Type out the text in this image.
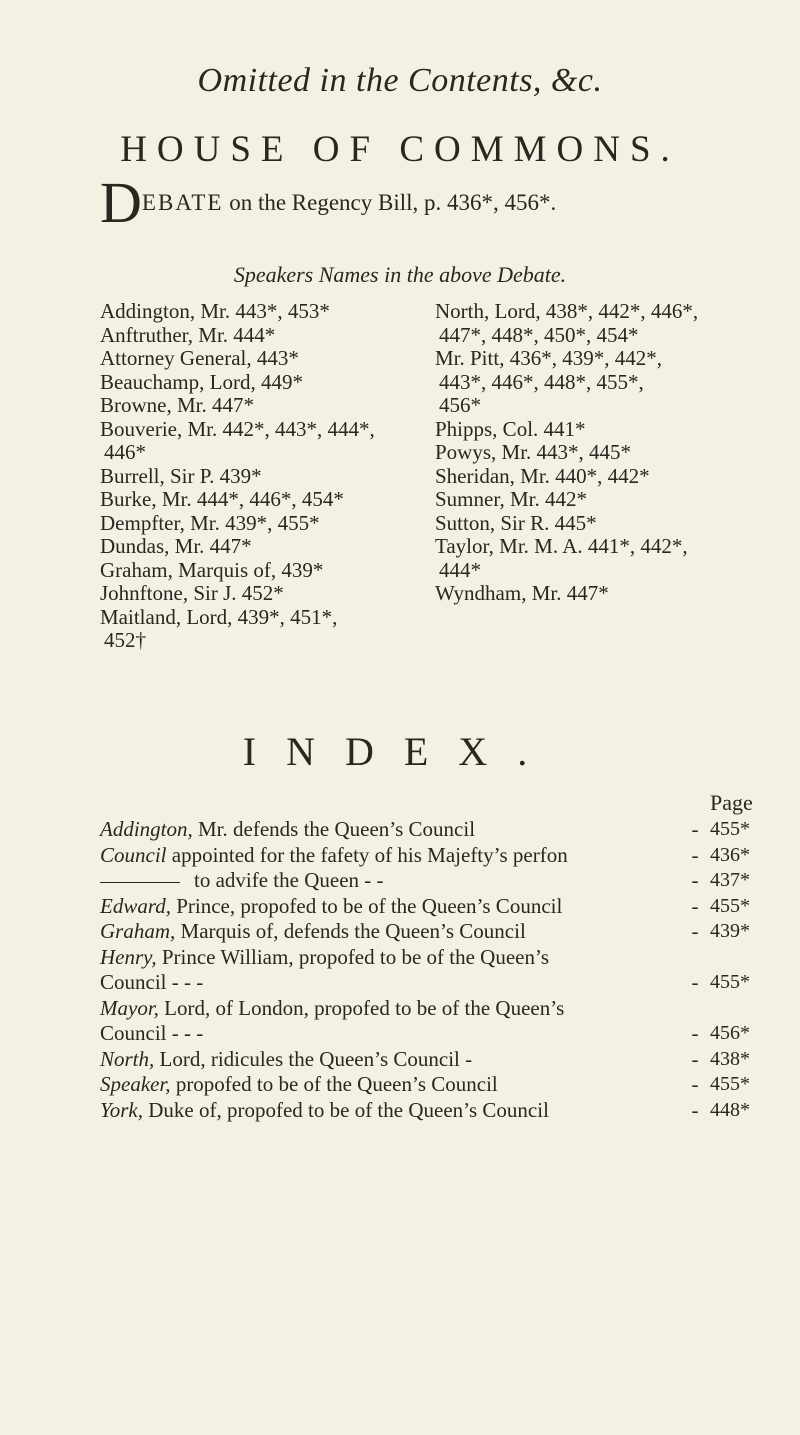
Omitted in the Contents, &c.
HOUSE OF COMMONS.
DEBATE on the Regency Bill, p. 436*, 456*.
Speakers Names in the above Debate.
Addington, Mr. 443*, 453*
Anftruther, Mr. 444*
Attorney General, 443*
Beauchamp, Lord, 449*
Browne, Mr. 447*
Bouverie, Mr. 442*, 443*, 444*,
446*
Burrell, Sir P. 439*
Burke, Mr. 444*, 446*, 454*
Dempfter, Mr. 439*, 455*
Dundas, Mr. 447*
Graham, Marquis of, 439*
Johnftone, Sir J. 452*
Maitland, Lord, 439*, 451*,
452†
North, Lord, 438*, 442*, 446*,
447*, 448*, 450*, 454*
Mr. Pitt, 436*, 439*, 442*,
443*, 446*, 448*, 455*,
456*
Phipps, Col. 441*
Powys, Mr. 443*, 445*
Sheridan, Mr. 440*, 442*
Sumner, Mr. 442*
Sutton, Sir R. 445*
Taylor, Mr. M. A. 441*, 442*,
444*
Wyndham, Mr. 447*
INDEX.
Page
Addington, Mr. defends the Queen’s Council	- 455*
Council appointed for the fafety of his Majefty’s perfon	- 436*
to advife the Queen - -	- 437*
Edward, Prince, propofed to be of the Queen’s Council	- 455*
Graham, Marquis of, defends the Queen’s Council	- 439*
Henry, Prince William, propofed to be of the Queen’s
Council - - -	- 455*
Mayor, Lord, of London, propofed to be of the Queen’s
Council - - -	- 456*
North, Lord, ridicules the Queen’s Council -	- 438*
Speaker, propofed to be of the Queen’s Council	- 455*
York, Duke of, propofed to be of the Queen’s Council	- 448*
